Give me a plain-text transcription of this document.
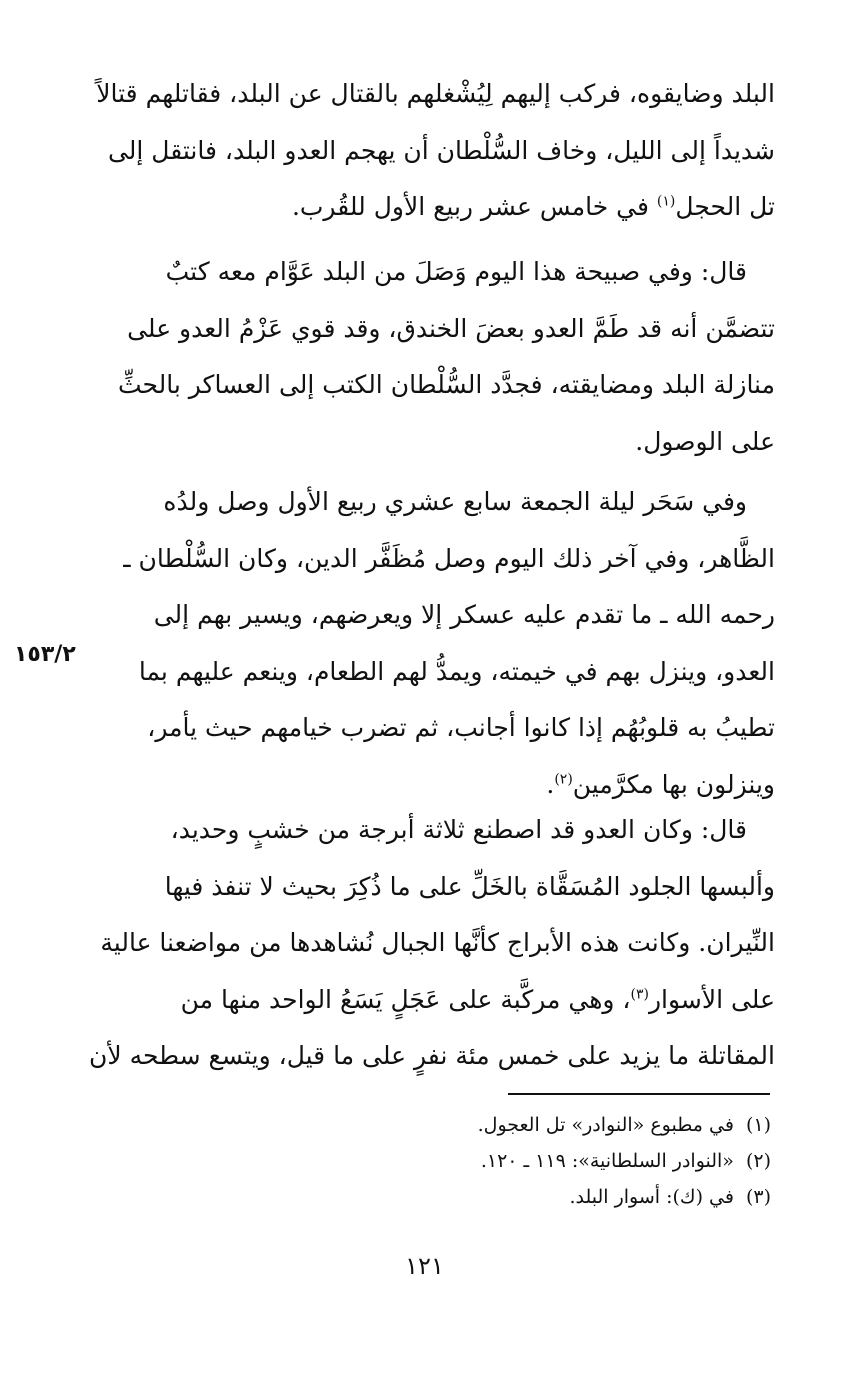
البلد وضايقوه، فركب إليهم لِيُشْغلهم بالقتال عن البلد، فقاتلهم قتالاً
شديداً إلى الليل، وخاف السُّلْطان أن يهجم العدو البلد، فانتقل إلى
تل الحجل$^{(١)}$ في خامس عشر ربيع الأول للقُرب.
قال: وفي صبيحة هذا اليوم وَصَلَ من البلد عَوَّام معه كتبٌ
تتضمَّن أنه قد طَمَّ العدو بعضَ الخندق، وقد قوي عَزْمُ العدو على
منازلة البلد ومضايقته، فجدَّد السُّلْطان الكتب إلى العساكر بالحثِّ
على الوصول.
وفي سَحَر ليلة الجمعة سابع عشري ربيع الأول وصل ولدُه
الظَّاهر، وفي آخر ذلك اليوم وصل مُظَفَّر الدين، وكان السُّلْطان ـ
رحمه الله ـ ما تقدم عليه عسكر إلا ويعرضهم، ويسير بهم إلى
العدو، وينزل بهم في خيمته، ويمدُّ لهم الطعام، وينعم عليهم بما
تطيبُ به قلوبُهُم إذا كانوا أجانب، ثم تضرب خيامهم حيث يأمر،
وينزلون بها مكرَّمين$^{(٢)}$.
١٥٣/٢
قال: وكان العدو قد اصطنع ثلاثة أبرجة من خشبٍ وحديد،
وألبسها الجلود المُسَقَّاة بالخَلِّ على ما ذُكِرَ بحيث لا تنفذ فيها
النِّيران. وكانت هذه الأبراج كأنَّها الجبال نُشاهدها من مواضعنا عالية
على الأسوار$^{(٣)}$، وهي مركَّبة على عَجَلٍ يَسَعُ الواحد منها من
المقاتلة ما يزيد على خمس مئة نفرٍ على ما قيل، ويتسع سطحه لأن
(١)في مطبوع «النوادر» تل العجول.
(٢)«النوادر السلطانية»: ١١٩ ـ ١٢٠.
(٣)في (ك): أسوار البلد.
١٢١
